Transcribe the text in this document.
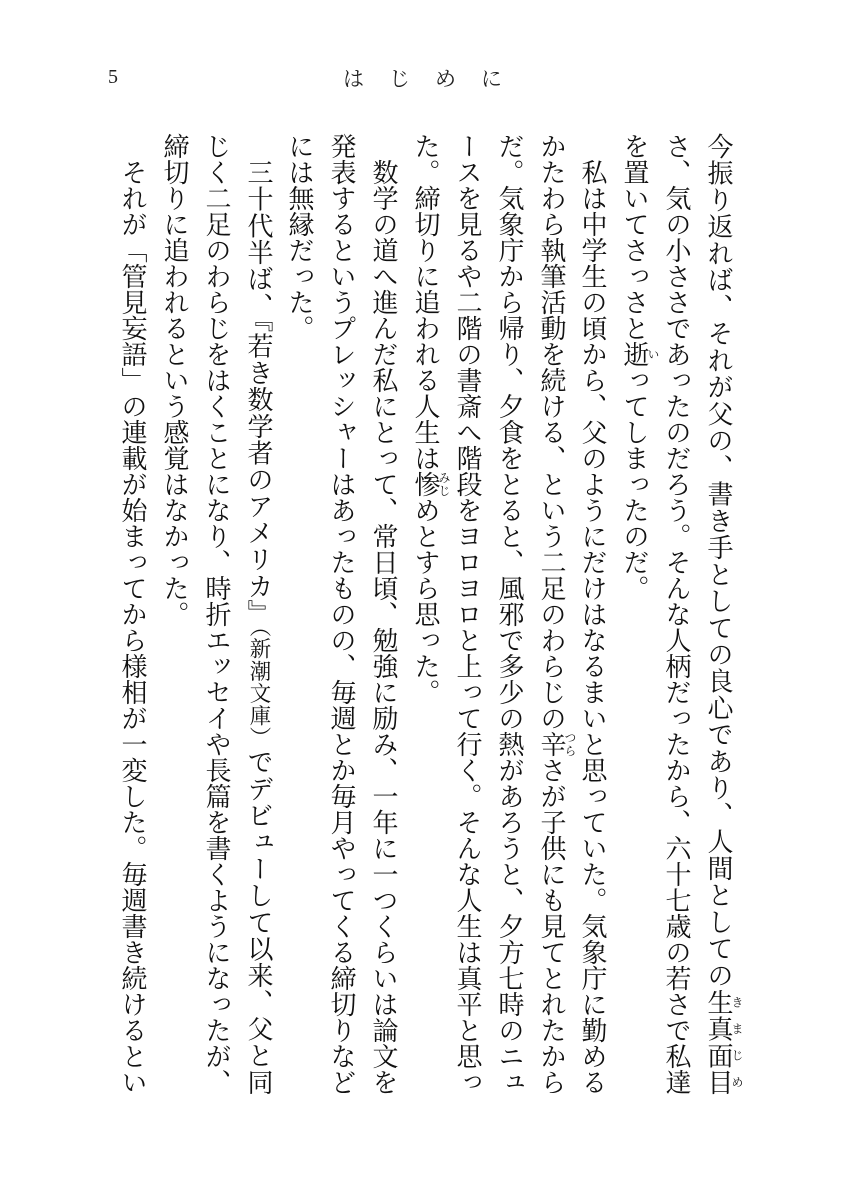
5	はじめに
今振り返れば、それが父の、書き手としての良心であり、人間としての生真面目きまじめ
さ、気の小ささであったのだろう。そんな人柄だったから、六十七歳の若さで私達
を置いてさっさと逝いってしまったのだ。
私は中学生の頃から、父のようにだけはなるまいと思っていた。気象庁に勤める
かたわら執筆活動を続ける、という二足のわらじの辛つらさが子供にも見てとれたから
だ。気象庁から帰り、夕食をとると、風邪で多少の熱があろうと、夕方七時のニュ
ースを見るや二階の書斎へ階段をヨロヨロと上って行く。そんな人生は真平と思っ
た。締切りに追われる人生は惨みじめとすら思った。
数学の道へ進んだ私にとって、常日頃、勉強に励み、一年に一つくらいは論文を
発表するというプレッシャーはあったものの、毎週とか毎月やってくる締切りなど
には無縁だった。
三十代半ば、『若き数学者のアメリカ』（新潮文庫）でデビューして以来、父と同
じく二足のわらじをはくことになり、時折エッセイや長篇を書くようになったが、
締切りに追われるという感覚はなかった。
それが「管見妄語」の連載が始まってから様相が一変した。毎週書き続けるとい
